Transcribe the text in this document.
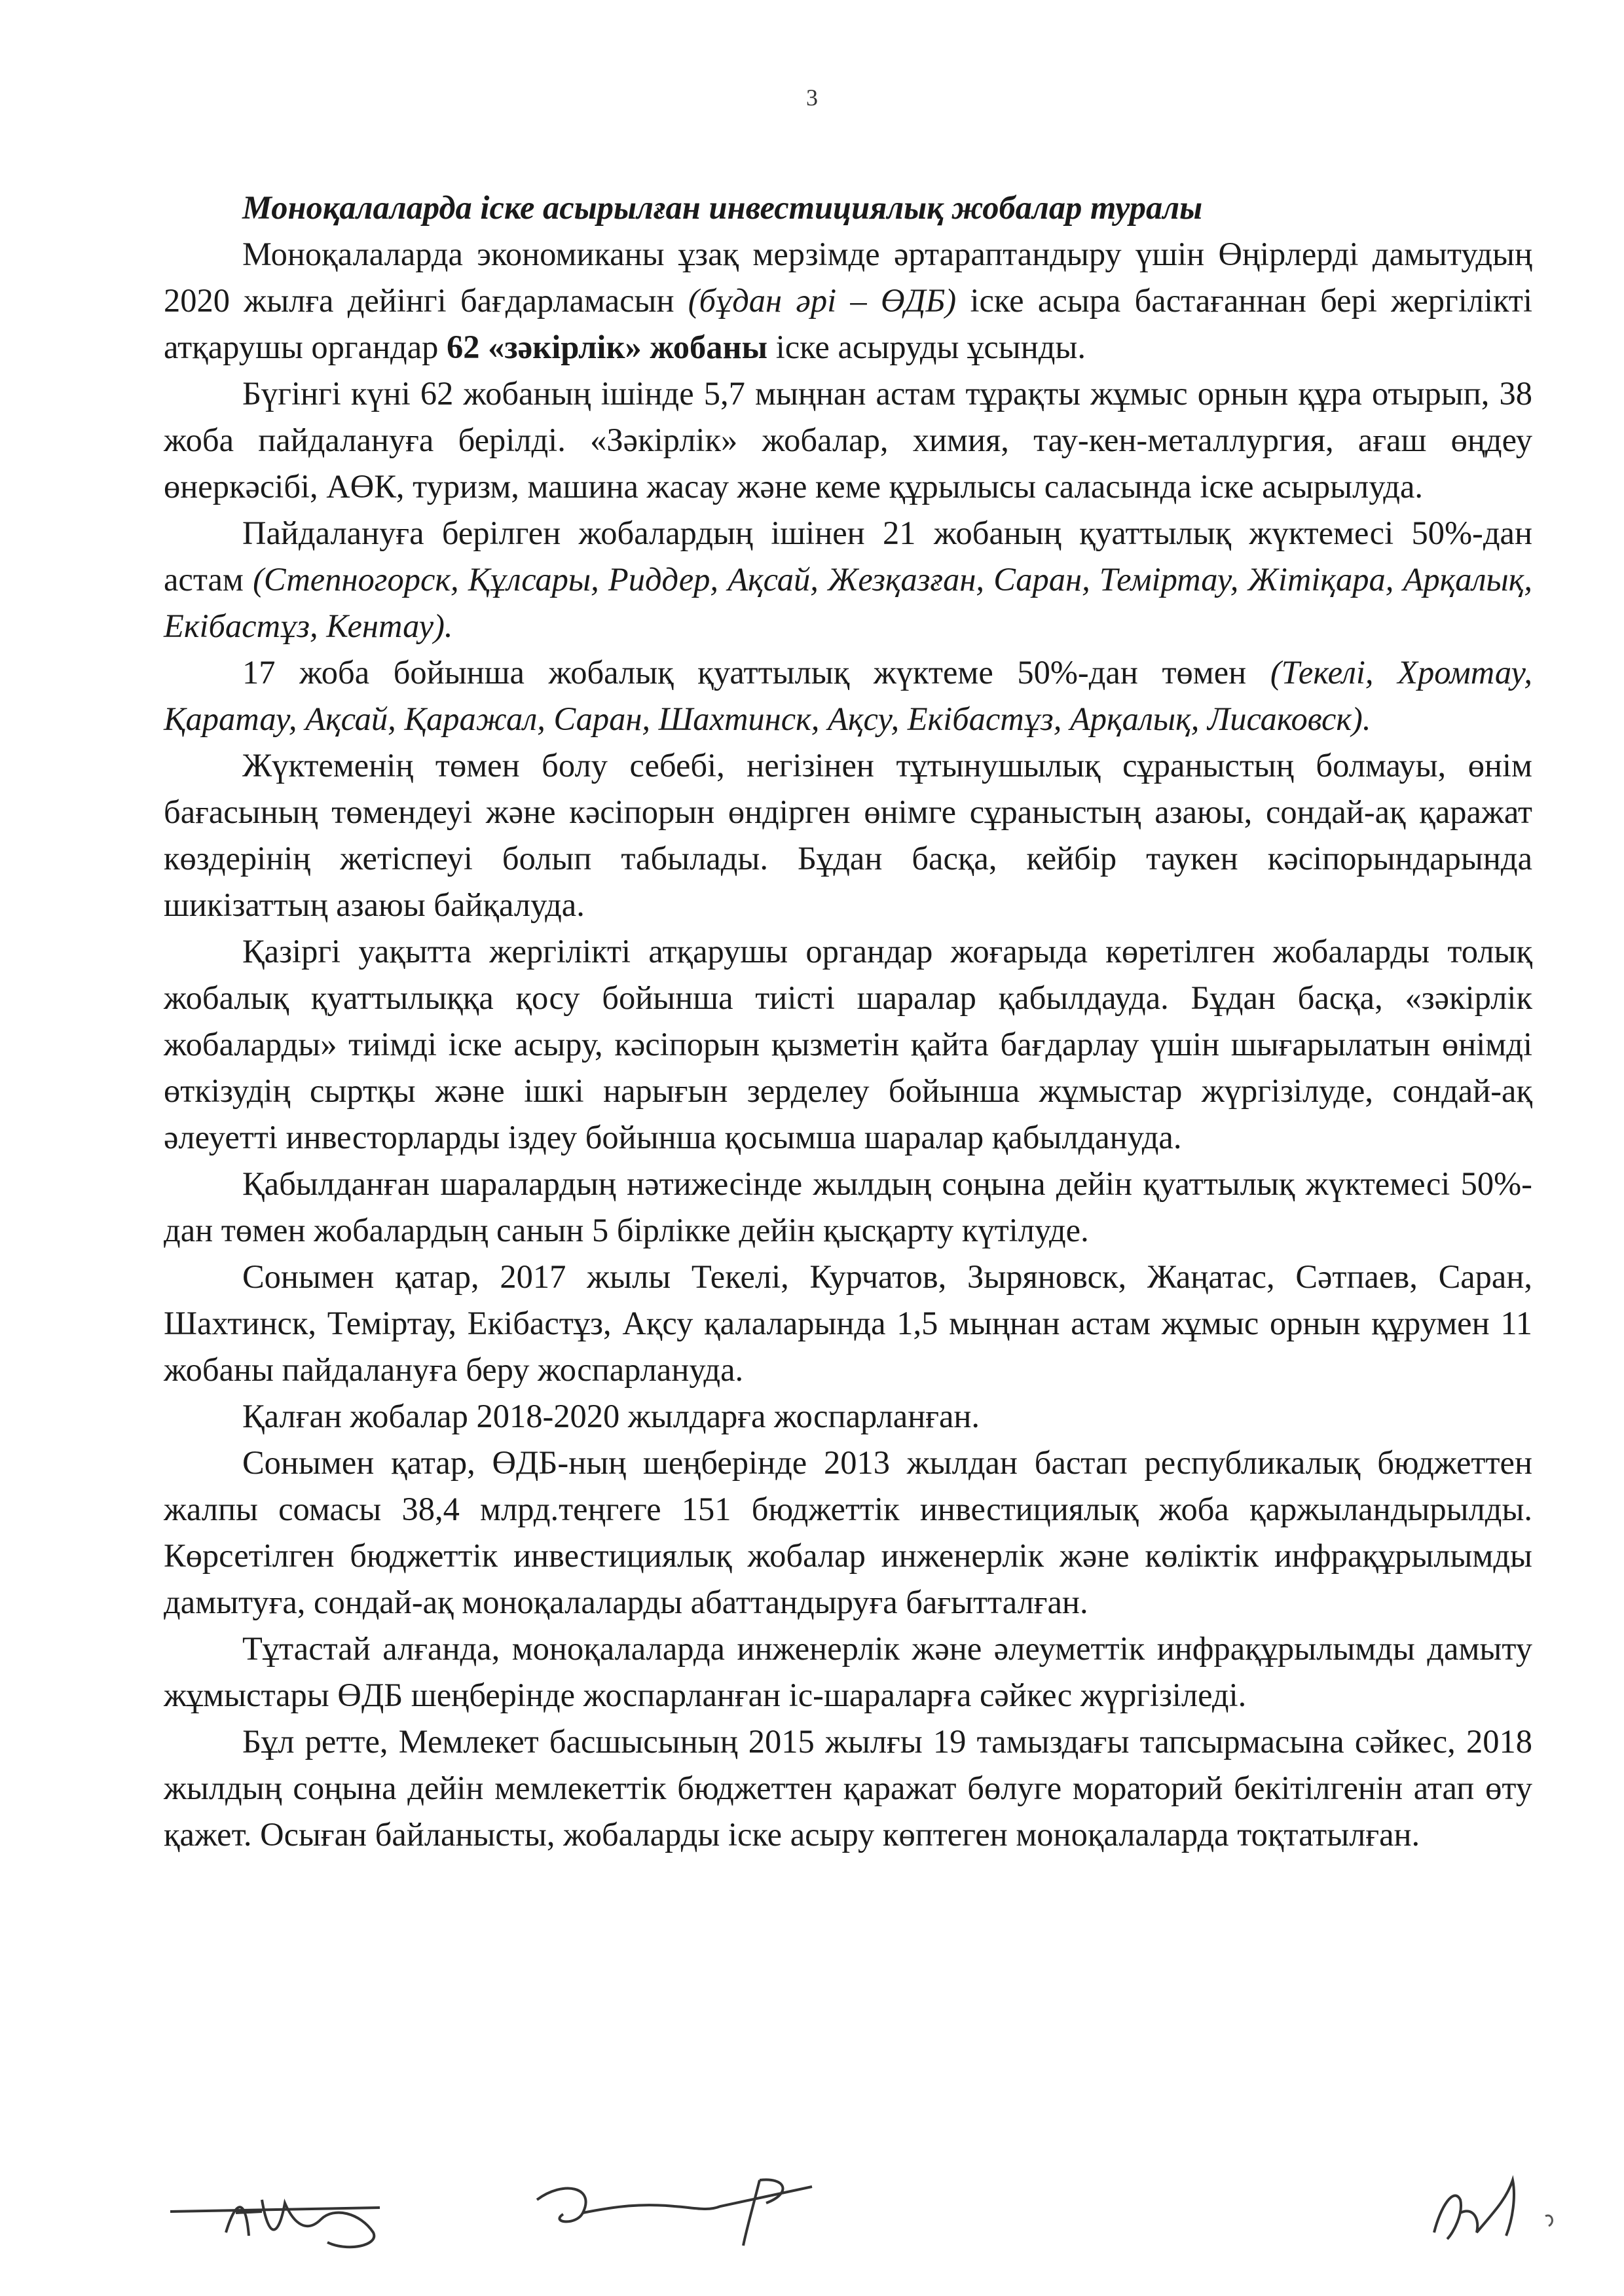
3

Моноқалаларда іске асырылған инвестициялық жобалар туралы

Моноқалаларда экономиканы ұзақ мерзімде әртараптандыру үшін Өңірлерді дамытудың 2020 жылға дейінгі бағдарламасын (бұдан әрі – ӨДБ) іске асыра бастағаннан бері жергілікті атқарушы органдар 62 «зәкірлік» жобаны іске асыруды ұсынды.

Бүгінгі күні 62 жобаның ішінде 5,7 мыңнан астам тұрақты жұмыс орнын құра отырып, 38 жоба пайдалануға берілді. «Зәкірлік» жобалар, химия, тау-кен-металлургия, ағаш өңдеу өнеркәсібі, АӨК, туризм, машина жасау және кеме құрылысы саласында іске асырылуда.

Пайдалануға берілген жобалардың ішінен 21 жобаның қуаттылық жүктемесі 50%-дан астам (Степногорск, Құлсары, Риддер, Ақсай, Жезқазған, Саран, Теміртау, Жітіқара, Арқалық, Екібастұз, Кентау).

17 жоба бойынша жобалық қуаттылық жүктеме 50%-дан төмен (Текелі, Хромтау, Қаратау, Ақсай, Қаражал, Саран, Шахтинск, Ақсу, Екібастұз, Арқалық, Лисаковск).

Жүктеменің төмен болу себебі, негізінен тұтынушылық сұраныстың болмауы, өнім бағасының төмендеуі және кәсіпорын өндірген өнімге сұраныстың азаюы, сондай-ақ қаражат көздерінің жетіспеуі болып табылады. Бұдан басқа, кейбір таукен кәсіпорындарында шикізаттың азаюы байқалуда.

Қазіргі уақытта жергілікті атқарушы органдар жоғарыда көретілген жобаларды толық жобалық қуаттылыққа қосу бойынша тиісті шаралар қабылдауда. Бұдан басқа, «зәкірлік жобаларды» тиімді іске асыру, кәсіпорын қызметін қайта бағдарлау үшін шығарылатын өнімді өткізудің сыртқы және ішкі нарығын зерделеу бойынша жұмыстар жүргізілуде, сондай-ақ әлеуетті инвесторларды іздеу бойынша қосымша шаралар қабылдануда.

Қабылданған шаралардың нәтижесінде жылдың соңына дейін қуаттылық жүктемесі 50%-дан төмен жобалардың санын 5 бірлікке дейін қысқарту күтілуде.

Сонымен қатар, 2017 жылы Текелі, Курчатов, Зыряновск, Жаңатас, Сәтпаев, Саран, Шахтинск, Теміртау, Екібастұз, Ақсу қалаларында 1,5 мыңнан астам жұмыс орнын құрумен 11 жобаны пайдалануға беру жоспарлануда.

Қалған жобалар 2018-2020 жылдарға жоспарланған.

Сонымен қатар, ӨДБ-ның шеңберінде 2013 жылдан бастап республикалық бюджеттен жалпы сомасы 38,4 млрд.теңгеге 151 бюджеттік инвестициялық жоба қаржыландырылды. Көрсетілген бюджеттік инвестициялық жобалар инженерлік және көліктік инфрақұрылымды дамытуға, сондай-ақ моноқалаларды абаттандыруға бағытталған.

Тұтастай алғанда, моноқалаларда инженерлік және әлеуметтік инфрақұрылымды дамыту жұмыстары ӨДБ шеңберінде жоспарланған іс-шараларға сәйкес жүргізіледі.

Бұл ретте, Мемлекет басшысының 2015 жылғы 19 тамыздағы тапсырмасына сәйкес, 2018 жылдың соңына дейін мемлекеттік бюджеттен қаражат бөлуге мораторий бекітілгенін атап өту қажет. Осыған байланысты, жобаларды іске асыру көптеген моноқалаларда тоқтатылған.
